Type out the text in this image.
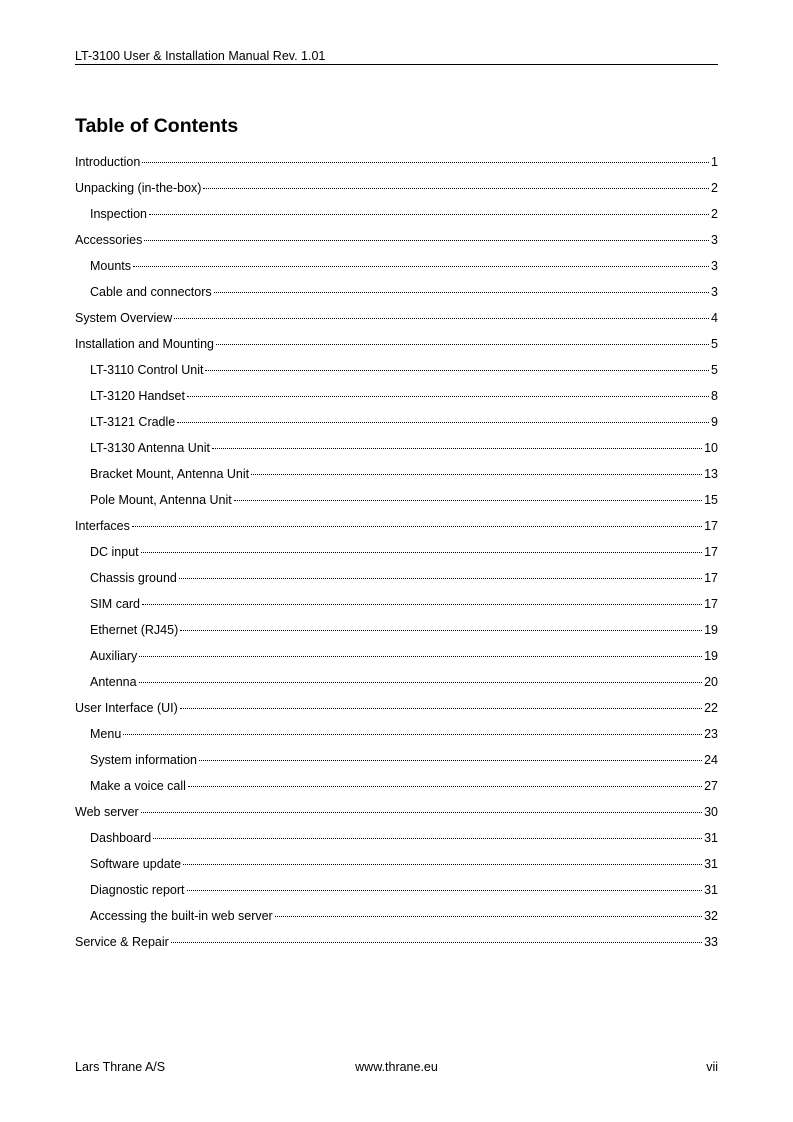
LT-3100 User & Installation Manual Rev. 1.01
Table of Contents
Introduction	1
Unpacking (in-the-box)	2
Inspection	2
Accessories	3
Mounts	3
Cable and connectors	3
System Overview	4
Installation and Mounting	5
LT-3110 Control Unit	5
LT-3120 Handset	8
LT-3121 Cradle	9
LT-3130 Antenna Unit	10
Bracket Mount, Antenna Unit	13
Pole Mount, Antenna Unit	15
Interfaces	17
DC input	17
Chassis ground	17
SIM card	17
Ethernet (RJ45)	19
Auxiliary	19
Antenna	20
User Interface (UI)	22
Menu	23
System information	24
Make a voice call	27
Web server	30
Dashboard	31
Software update	31
Diagnostic report	31
Accessing the built-in web server	32
Service & Repair	33
Lars Thrane A/S	www.thrane.eu	vii
